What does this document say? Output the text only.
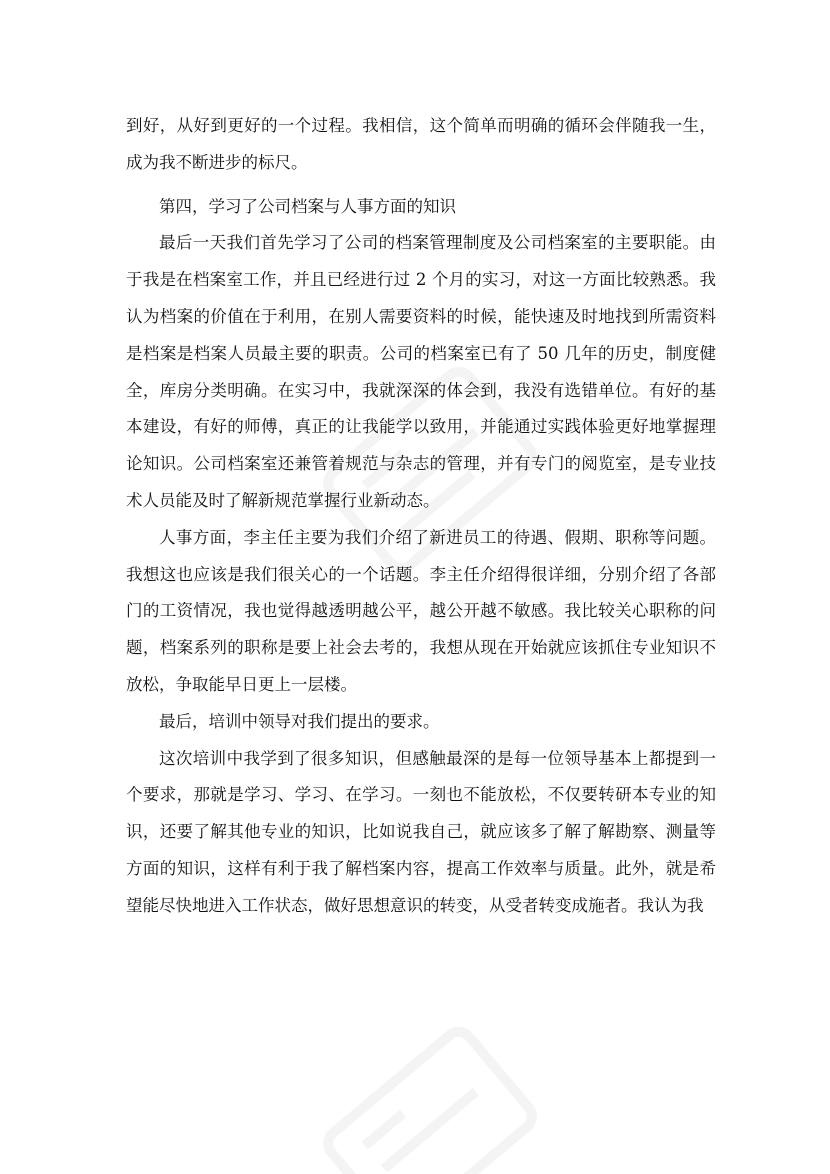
到好，从好到更好的一个过程。我相信，这个简单而明确的循环会伴随我一生，成为我不断进步的标尺。

第四，学习了公司档案与人事方面的知识

最后一天我们首先学习了公司的档案管理制度及公司档案室的主要职能。由于我是在档案室工作，并且已经进行过 2 个月的实习，对这一方面比较熟悉。我认为档案的价值在于利用，在别人需要资料的时候，能快速及时地找到所需资料是档案是档案人员最主要的职责。公司的档案室已有了 50 几年的历史，制度健全，库房分类明确。在实习中，我就深深的体会到，我没有选错单位。有好的基本建设，有好的师傅，真正的让我能学以致用，并能通过实践体验更好地掌握理论知识。公司档案室还兼管着规范与杂志的管理，并有专门的阅览室，是专业技术人员能及时了解新规范掌握行业新动态。

人事方面，李主任主要为我们介绍了新进员工的待遇、假期、职称等问题。我想这也应该是我们很关心的一个话题。李主任介绍得很详细，分别介绍了各部门的工资情况，我也觉得越透明越公平，越公开越不敏感。我比较关心职称的问题，档案系列的职称是要上社会去考的，我想从现在开始就应该抓住专业知识不放松，争取能早日更上一层楼。

最后，培训中领导对我们提出的要求。

这次培训中我学到了很多知识，但感触最深的是每一位领导基本上都提到一个要求，那就是学习、学习、在学习。一刻也不能放松，不仅要转研本专业的知识，还要了解其他专业的知识，比如说我自己，就应该多了解了解勘察、测量等方面的知识，这样有利于我了解档案内容，提高工作效率与质量。此外，就是希望能尽快地进入工作状态，做好思想意识的转变，从受者转变成施者。我认为我
